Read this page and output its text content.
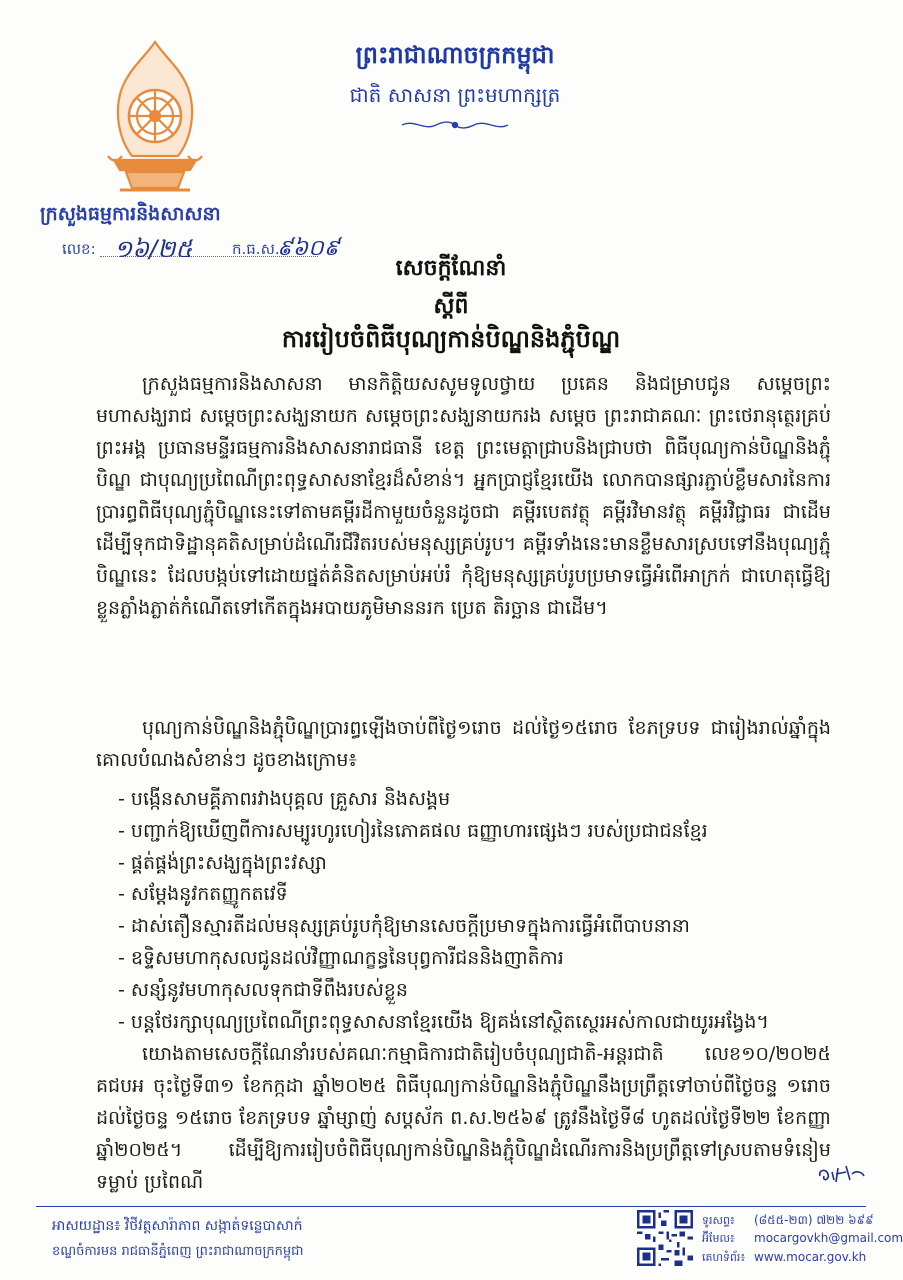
ក្រសួងធម្មការនិងសាសនា
លេខ: ១៦/២៥	ក.ធ.ស.
៩៦០៩
ព្រះរាជាណាចក្រកម្ពុជា
ជាតិ សាសនា ព្រះមហាក្សត្រ
សេចក្តីណែនាំ
ស្តីពី
ការរៀបចំពិធីបុណ្យកាន់បិណ្ឌនិងភ្ជុំបិណ្ឌ

ក្រសួងធម្មការនិងសាសនា មានកិត្តិយសសូមទូលថ្វាយ ប្រគេន និងជម្រាបជូន សម្តេចព្រះមហាសង្ឃរាជ សម្តេចព្រះសង្ឃនាយក សម្តេចព្រះសង្ឃនាយករង សម្តេច ព្រះរាជាគណៈ ព្រះថេរានុត្ថេរគ្រប់ព្រះអង្គ ប្រធានមន្ទីរធម្មការនិងសាសនារាជធានី ខេត្ត ព្រះមេត្តាជ្រាបនិងជ្រាបថា ពិធីបុណ្យកាន់បិណ្ឌនិងភ្ជុំបិណ្ឌ ជាបុណ្យប្រពៃណីព្រះពុទ្ធសាសនាខ្មែរដ៏សំខាន់។ អ្នកប្រាជ្ញខ្មែរយើង លោកបានផ្សារភ្ជាប់ខ្លឹមសារនៃការប្រារព្ធពិធីបុណ្យភ្ជុំបិណ្ឌនេះទៅតាមគម្ពីរដីកាមួយចំនួនដូចជា គម្ពីរបេតវត្ថុ គម្ពីរវិមានវត្ថុ គម្ពីរវិជ្ជាធរ ជាដើម ដើម្បីទុកជាទិដ្ឋានុគតិសម្រាប់ដំណើរជីវិតរបស់មនុស្សគ្រប់រូប។ គម្ពីរទាំងនេះមានខ្លឹមសារស្របទៅនឹងបុណ្យភ្ជុំបិណ្ឌនេះ ដែលបង្កប់ទៅដោយផ្នត់គំនិតសម្រាប់អប់រំ កុំឱ្យមនុស្សគ្រប់រូបប្រមាទធ្វើអំពើអាក្រក់ ជាហេតុធ្វើឱ្យខ្លួនភ្លាំងភ្លាត់កំណើតទៅកើតក្នុងអបាយភូមិមាននរក ប្រេត តិរច្ឆាន ជាដើម។

បុណ្យកាន់បិណ្ឌនិងភ្ជុំបិណ្ឌប្រារព្ធឡើងចាប់ពីថ្ងៃ១រោច ដល់ថ្ងៃ១៥រោច ខែភទ្របទ ជារៀងរាល់ឆ្នាំក្នុងគោលបំណងសំខាន់ៗ ដូចខាងក្រោម៖

- បង្កើនសាមគ្គីភាពរវាងបុគ្គល គ្រួសារ និងសង្គម
- បញ្ជាក់ឱ្យឃើញពីការសម្បូរហូរហៀរនៃភោគផល ធញ្ញាហារផ្សេងៗ របស់ប្រជាជនខ្មែរ
- ផ្គត់ផ្គង់ព្រះសង្ឃក្នុងព្រះវស្សា
- សម្តែងនូវកតញ្ញូកតវេទី
- ដាស់តឿនស្មារតីដល់មនុស្សគ្រប់រូបកុំឱ្យមានសេចក្តីប្រមាទក្នុងការធ្វើអំពើបាបនានា
- ឧទ្ទិសមហាកុសលជូនដល់វិញ្ញាណក្ខន្ធនៃបុព្វការីជននិងញាតិការ
- សន្សំនូវមហាកុសលទុកជាទីពឹងរបស់ខ្លួន
- បន្តថែរក្សាបុណ្យប្រពៃណីព្រះពុទ្ធសាសនាខ្មែរយើង ឱ្យគង់នៅស្ថិតស្ថេរអស់កាលជាយូរអង្វែង។

យោងតាមសេចក្តីណែនាំរបស់គណៈកម្មាធិការជាតិរៀបចំបុណ្យជាតិ-អន្តរជាតិ លេខ១០/២០២៥ គជបអ ចុះថ្ងៃទី៣១ ខែកក្កដា ឆ្នាំ២០២៥ ពិធីបុណ្យកាន់បិណ្ឌនិងភ្ជុំបិណ្ឌនឹងប្រព្រឹត្តទៅចាប់ពីថ្ងៃចន្ទ ១រោច ដល់ថ្ងៃចន្ទ ១៥រោច ខែភទ្របទ ឆ្នាំម្សាញ់ សប្តស័ក ព.ស.២៥៦៩ ត្រូវនឹងថ្ងៃទី៨ ហូតដល់ថ្ងៃទី២២ ខែកញ្ញា ឆ្នាំ២០២៥។ ដើម្បីឱ្យការរៀបចំពិធីបុណ្យកាន់បិណ្ឌនិងភ្ជុំបិណ្ឌដំណើរការនិងប្រព្រឹត្តទៅស្របតាមទំនៀមទម្លាប់ ប្រពៃណី

អាសយដ្ឋាន៖ វិថីវត្តសារ៉ាភាព សង្កាត់ទន្លេបាសាក់
ខណ្ឌចំការមន រាជធានីភ្នំពេញ ព្រះរាជាណាចក្រកម្ពុជា
ទូរសព្ទ៖ (៨៥៥-២៣) ៧២២ ៦៩៩
អ៊ីមែល៖ mocargovkh@gmail.com
គេហទំព័រ៖ www.mocar.gov.kh
